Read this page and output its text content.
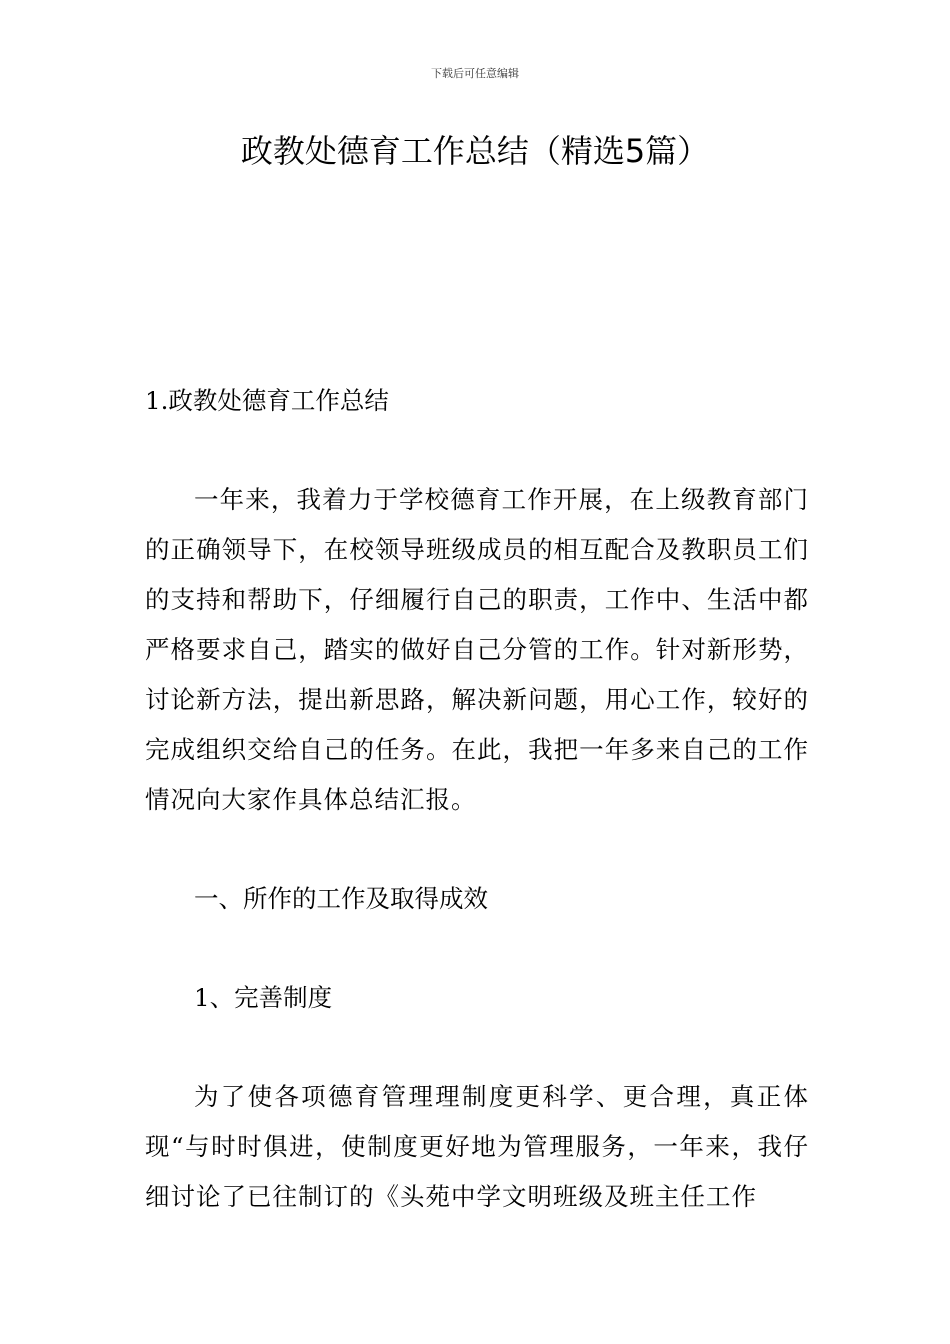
下载后可任意编辑
政教处德育工作总结（精选5篇）

1.政教处德育工作总结

一年来，我着力于学校德育工作开展，在上级教育部门的正确领导下，在校领导班级成员的相互配合及教职员工们的支持和帮助下，仔细履行自己的职责，工作中、生活中都严格要求自己，踏实的做好自己分管的工作。针对新形势，讨论新方法，提出新思路，解决新问题，用心工作，较好的完成组织交给自己的任务。在此，我把一年多来自己的工作情况向大家作具体总结汇报。

一、所作的工作及取得成效

1、完善制度

为了使各项德育管理理制度更科学、更合理，真正体现“与时时俱进，使制度更好地为管理服务，一年来，我仔细讨论了已往制订的《头苑中学文明班级及班主任工作
